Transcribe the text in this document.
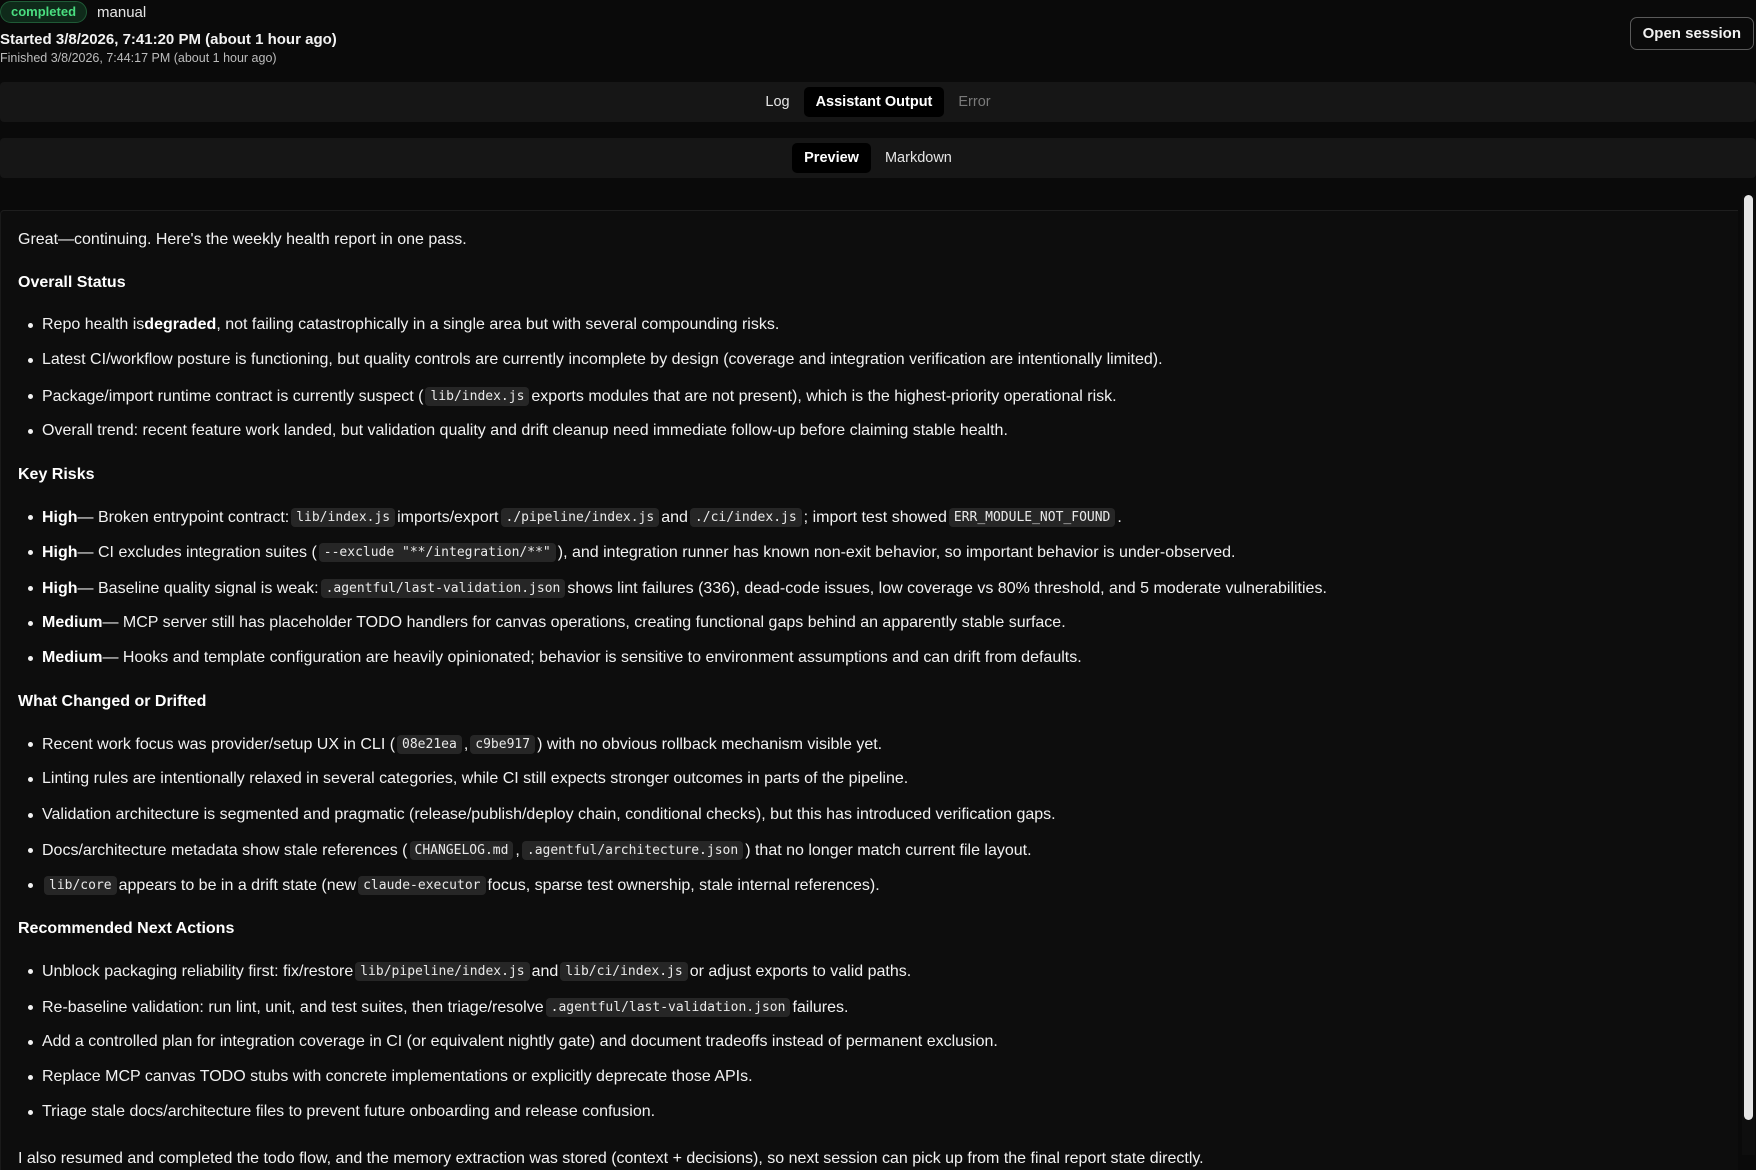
completed	manual
Started 3/8/2026, 7:41:20 PM (about 1 hour ago)
Finished 3/8/2026, 7:44:17 PM (about 1 hour ago)
Open session
Log	Assistant Output	Error
Preview	Markdown
Great—continuing. Here's the weekly health report in one pass.
Overall Status
Repo health is degraded , not failing catastrophically in a single area but with several compounding risks.
Latest CI/workflow posture is functioning, but quality controls are currently incomplete by design (coverage and integration verification are intentionally limited).
Package/import runtime contract is currently suspect ( lib/index.js exports modules that are not present), which is the highest-priority operational risk.
Overall trend: recent feature work landed, but validation quality and drift cleanup need immediate follow-up before claiming stable health.
Key Risks
High — Broken entrypoint contract: lib/index.js imports/export ./pipeline/index.js and ./ci/index.js ; import test showed ERR_MODULE_NOT_FOUND .
High — CI excludes integration suites ( --exclude "**/integration/**" ), and integration runner has known non-exit behavior, so important behavior is under-observed.
High — Baseline quality signal is weak: .agentful/last-validation.json shows lint failures (336), dead-code issues, low coverage vs 80% threshold, and 5 moderate vulnerabilities.
Medium — MCP server still has placeholder TODO handlers for canvas operations, creating functional gaps behind an apparently stable surface.
Medium — Hooks and template configuration are heavily opinionated; behavior is sensitive to environment assumptions and can drift from defaults.
What Changed or Drifted
Recent work focus was provider/setup UX in CLI ( 08e21ea , c9be917 ) with no obvious rollback mechanism visible yet.
Linting rules are intentionally relaxed in several categories, while CI still expects stronger outcomes in parts of the pipeline.
Validation architecture is segmented and pragmatic (release/publish/deploy chain, conditional checks), but this has introduced verification gaps.
Docs/architecture metadata show stale references ( CHANGELOG.md , .agentful/architecture.json ) that no longer match current file layout.
lib/core appears to be in a drift state (new claude-executor focus, sparse test ownership, stale internal references).
Recommended Next Actions
Unblock packaging reliability first: fix/restore lib/pipeline/index.js and lib/ci/index.js or adjust exports to valid paths.
Re-baseline validation: run lint, unit, and test suites, then triage/resolve .agentful/last-validation.json failures.
Add a controlled plan for integration coverage in CI (or equivalent nightly gate) and document tradeoffs instead of permanent exclusion.
Replace MCP canvas TODO stubs with concrete implementations or explicitly deprecate those APIs.
Triage stale docs/architecture files to prevent future onboarding and release confusion.
I also resumed and completed the todo flow, and the memory extraction was stored (context + decisions), so next session can pick up from the final report state directly.
